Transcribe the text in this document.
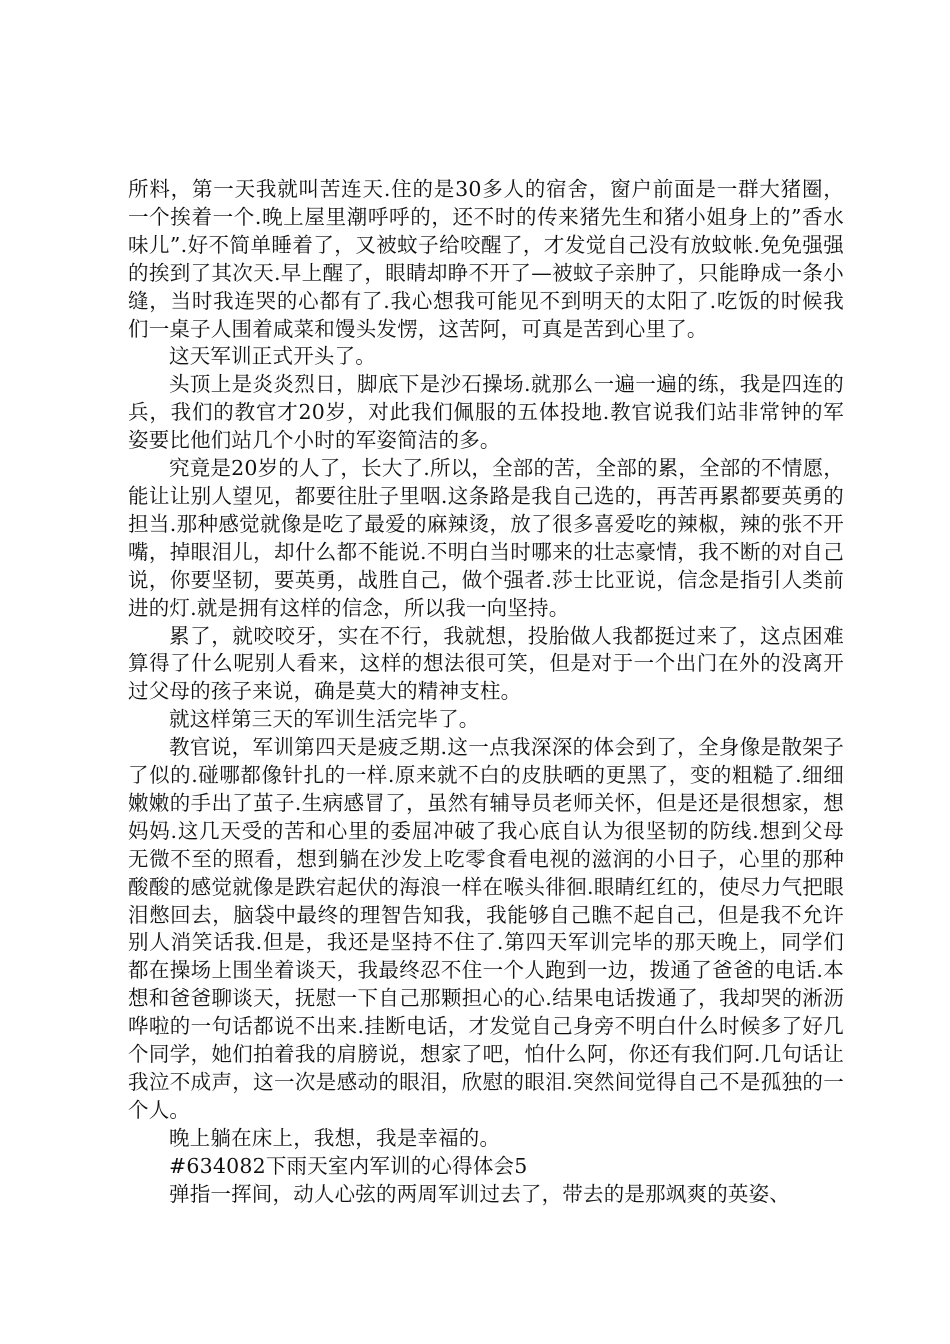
所料，第一天我就叫苦连天.住的是30多人的宿舍，窗户前面是一群大猪圈，一个挨着一个.晚上屋里潮呼呼的，还不时的传来猪先生和猪小姐身上的”香水味儿”.好不简单睡着了，又被蚊子给咬醒了，才发觉自己没有放蚊帐.免免强强的挨到了其次天.早上醒了，眼睛却睁不开了—被蚊子亲肿了，只能睁成一条小缝，当时我连哭的心都有了.我心想我可能见不到明天的太阳了.吃饭的时候我们一桌子人围着咸菜和馒头发愣，这苦阿，可真是苦到心里了。

这天军训正式开头了。

头顶上是炎炎烈日，脚底下是沙石操场.就那么一遍一遍的练，我是四连的兵，我们的教官才20岁，对此我们佩服的五体投地.教官说我们站非常钟的军姿要比他们站几个小时的军姿简洁的多。

究竟是20岁的人了，长大了.所以，全部的苦，全部的累，全部的不情愿，能让让别人望见，都要往肚子里咽.这条路是我自己选的，再苦再累都要英勇的担当.那种感觉就像是吃了最爱的麻辣烫，放了很多喜爱吃的辣椒，辣的张不开嘴，掉眼泪儿，却什么都不能说.不明白当时哪来的壮志豪情，我不断的对自己说，你要坚韧，要英勇，战胜自己，做个强者.莎士比亚说，信念是指引人类前进的灯.就是拥有这样的信念，所以我一向坚持。

累了，就咬咬牙，实在不行，我就想，投胎做人我都挺过来了，这点困难算得了什么呢别人看来，这样的想法很可笑，但是对于一个出门在外的没离开过父母的孩子来说，确是莫大的精神支柱。

就这样第三天的军训生活完毕了。

教官说，军训第四天是疲乏期.这一点我深深的体会到了，全身像是散架子了似的.碰哪都像针扎的一样.原来就不白的皮肤晒的更黑了，变的粗糙了.细细嫩嫩的手出了茧子.生病感冒了，虽然有辅导员老师关怀，但是还是很想家，想妈妈.这几天受的苦和心里的委屈冲破了我心底自认为很坚韧的防线.想到父母无微不至的照看，想到躺在沙发上吃零食看电视的滋润的小日子，心里的那种酸酸的感觉就像是跌宕起伏的海浪一样在喉头徘徊.眼睛红红的，使尽力气把眼泪憋回去，脑袋中最终的理智告知我，我能够自己瞧不起自己，但是我不允许别人消笑话我.但是，我还是坚持不住了.第四天军训完毕的那天晚上，同学们都在操场上围坐着谈天，我最终忍不住一个人跑到一边，拨通了爸爸的电话.本想和爸爸聊谈天，抚慰一下自己那颗担心的心.结果电话拨通了，我却哭的淅沥哗啦的一句话都说不出来.挂断电话，才发觉自己身旁不明白什么时候多了好几个同学，她们拍着我的肩膀说，想家了吧，怕什么阿，你还有我们阿.几句话让我泣不成声，这一次是感动的眼泪，欣慰的眼泪.突然间觉得自己不是孤独的一个人。

晚上躺在床上，我想，我是幸福的。

#634082下雨天室内军训的心得体会5

弹指一挥间，动人心弦的两周军训过去了，带去的是那飒爽的英姿、
